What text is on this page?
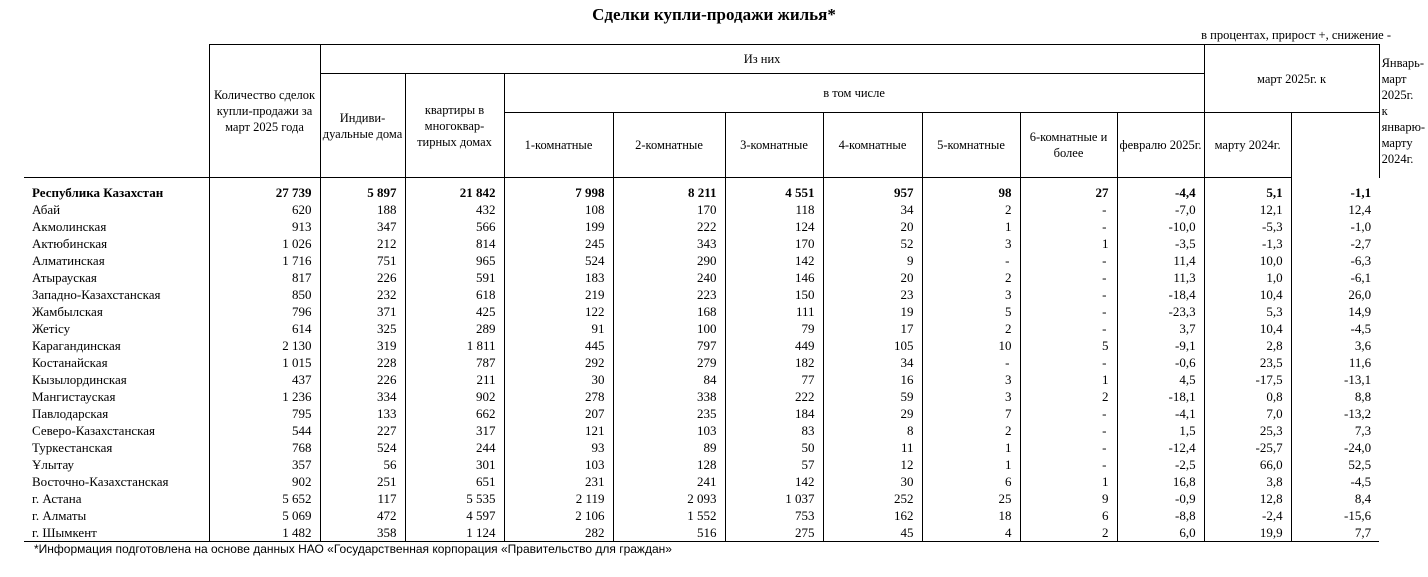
Сделки купли-продажи жилья*
в процентах, прирост +, снижение -
	Количество сделок купли-продажи за март 2025 года	Из них									март 2025г. к		Январь-март 2025г. к январю-марту 2024г.
		Индиви-дуальные дома	квартиры в многоквар-тирных домах	в том числе									
				1-комнатные	2-комнатные	3-комнатные	4-комнатные	5-комнатные	6-комнатные и более	февралю 2025г.	марту 2024г.		

Республика Казахстан	27 739	5 897	21 842	7 998	8 211	4 551	957	98	27	-4,4	5,1	-1,1	
Абай	620	188	432	108	170	118	34	2	-	-7,0	12,1	12,4	
Акмолинская	913	347	566	199	222	124	20	1	-	-10,0	-5,3	-1,0	
Актюбинская	1 026	212	814	245	343	170	52	3	1	-3,5	-1,3	-2,7	
Алматинская	1 716	751	965	524	290	142	9	-	-	11,4	10,0	-6,3	
Атырауская	817	226	591	183	240	146	20	2	-	11,3	1,0	-6,1	
Западно-Казахстанская	850	232	618	219	223	150	23	3	-	-18,4	10,4	26,0	
Жамбылская	796	371	425	122	168	111	19	5	-	-23,3	5,3	14,9	
Жетісу	614	325	289	91	100	79	17	2	-	3,7	10,4	-4,5	
Карагандинская	2 130	319	1 811	445	797	449	105	10	5	-9,1	2,8	3,6	
Костанайская	1 015	228	787	292	279	182	34	-	-	-0,6	23,5	11,6	
Кызылординская	437	226	211	30	84	77	16	3	1	4,5	-17,5	-13,1	
Мангистауская	1 236	334	902	278	338	222	59	3	2	-18,1	0,8	8,8	
Павлодарская	795	133	662	207	235	184	29	7	-	-4,1	7,0	-13,2	
Северо-Казахстанская	544	227	317	121	103	83	8	2	-	1,5	25,3	7,3	
Туркестанская	768	524	244	93	89	50	11	1	-	-12,4	-25,7	-24,0	
Ұлытау	357	56	301	103	128	57	12	1	-	-2,5	66,0	52,5	
Восточно-Казахстанская	902	251	651	231	241	142	30	6	1	16,8	3,8	-4,5	
г. Астана	5 652	117	5 535	2 119	2 093	1 037	252	25	9	-0,9	12,8	8,4	
г. Алматы	5 069	472	4 597	2 106	1 552	753	162	18	6	-8,8	-2,4	-15,6	
г. Шымкент	1 482	358	1 124	282	516	275	45	4	2	6,0	19,9	7,7	
*Информация подготовлена на основе данных НАО «Государственная корпорация «Правительство для граждан»
